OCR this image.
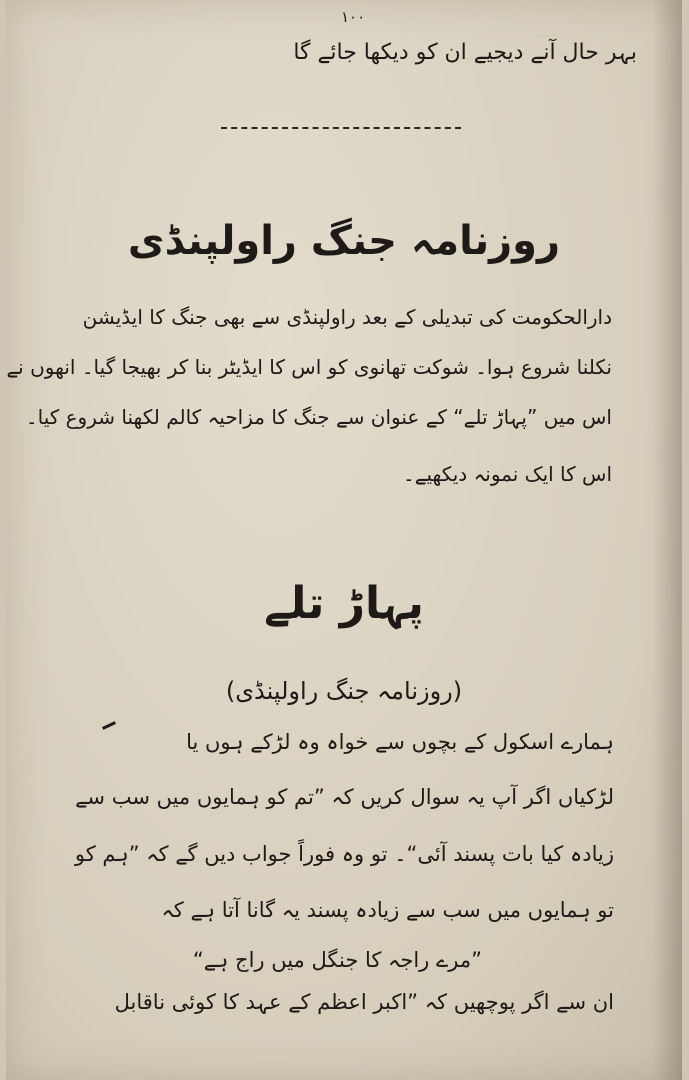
۱۰۰
بہر حال آنے دیجیے ان کو دیکھا جائے گا
روزنامہ جنگ راولپنڈی
دارالحکومت کی تبدیلی کے بعد راولپنڈی سے بھی جنگ کا ایڈیشن
نکلنا شروع ہوا۔ شوکت تھانوی کو اس کا ایڈیٹر بنا کر بھیجا گیا۔ انھوں نے
اس میں ”پہاڑ تلے“ کے عنوان سے جنگ کا مزاحیہ کالم لکھنا شروع کیا۔
اس کا ایک نمونہ دیکھیے۔
پہاڑ تلے
(روزنامہ جنگ راولپنڈی)
ہمارے اسکول کے بچوں سے خواہ وہ لڑکے ہوں یا
لڑکیاں اگر آپ یہ سوال کریں کہ ”تم کو ہمایوں میں سب سے
زیادہ کیا بات پسند آئی“۔ تو وہ فوراً جواب دیں گے کہ ”ہم کو
تو ہمایوں میں سب سے زیادہ پسند یہ گانا آتا ہے کہ
”مرے راجہ کا جنگل میں راج ہے“
ان سے اگر پوچھیں کہ ”اکبر اعظم کے عہد کا کوئی ناقابل
